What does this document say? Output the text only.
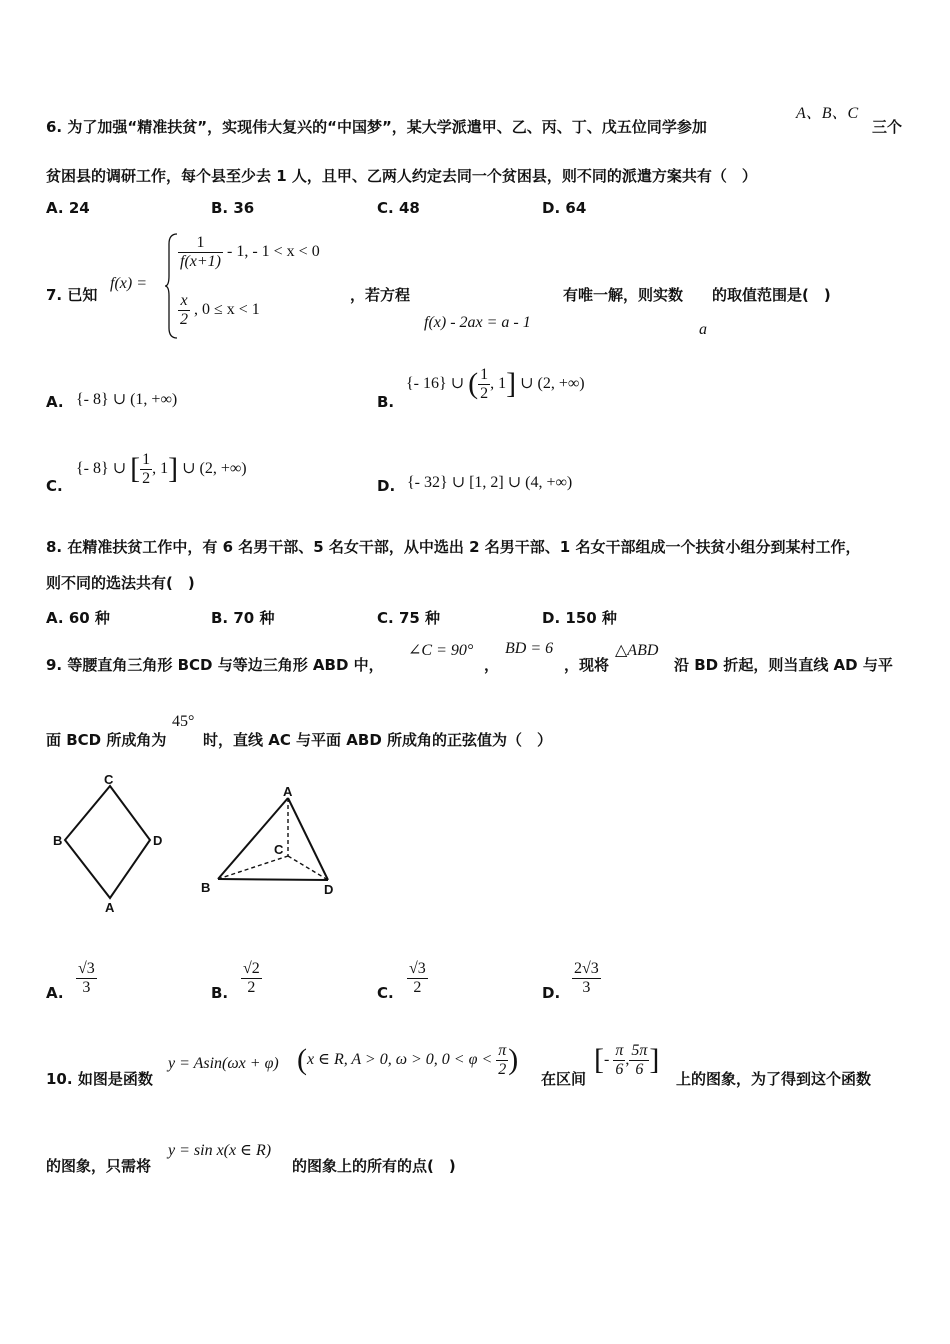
6. 为了加强“精准扶贫”，实现伟大复兴的“中国梦”，某大学派遣甲、乙、丙、丁、戊五位同学参加
A、B、C
三个
贫困县的调研工作，每个县至少去 1 人，且甲、乙两人约定去同一个贫困县，则不同的派遣方案共有（　）
A. 24	B. 36	C. 48	D. 64
7. 已知
f(x) =
$\frac{1}{f(x+1)} - 1$, - 1 < x < 0
$\frac{x}{2}$ , 0 ≤ x < 1
，若方程
f(x) - 2ax = a - 1
有唯一解，则实数 的取值范围是(　)
a
A. {- 8} ∪ (1, +∞)	B.
{- 16} ∪ ( $\frac{1}{2}$ , 1] ∪ (2, +∞)
C.
{- 8} ∪ [ $\frac{1}{2}$ , 1] ∪ (2, +∞)
D. {- 32} ∪ [1, 2] ∪ (4, +∞)
8. 在精准扶贫工作中，有 6 名男干部、5 名女干部，从中选出 2 名男干部、1 名女干部组成一个扶贫小组分到某村工作，
则不同的选法共有(　)
A. 60 种	B. 70 种	C. 75 种	D. 150 种
9. 等腰直角三角形 BCD 与等边三角形 ABD 中，
∠C = 90°
，
BD = 6
，现将
△ABD
沿 BD 折起，则当直线 AD 与平
面 BCD 所成角为
45°
时，直线 AC 与平面 ABD 所成角的正弦值为（　）
C
B	D
A
A
C
B	D
A. $\frac{√3}{3}$	B. $\frac{√2}{2}$	C. $\frac{√3}{2}$	D. $\frac{2√3}{3}$
10. 如图是函数
y = Asin(ωx + φ) (x ∈ R, A > 0, ω > 0, $0 < \varphi < \frac{\pi}{2}$ )
在区间
[- $\frac{\pi}{6}$ , $\frac{5\pi}{6}$ ]
上的图象，为了得到这个函数
的图象，只需将
y = sin x(x ∈ R)
的图象上的所有的点(　)
